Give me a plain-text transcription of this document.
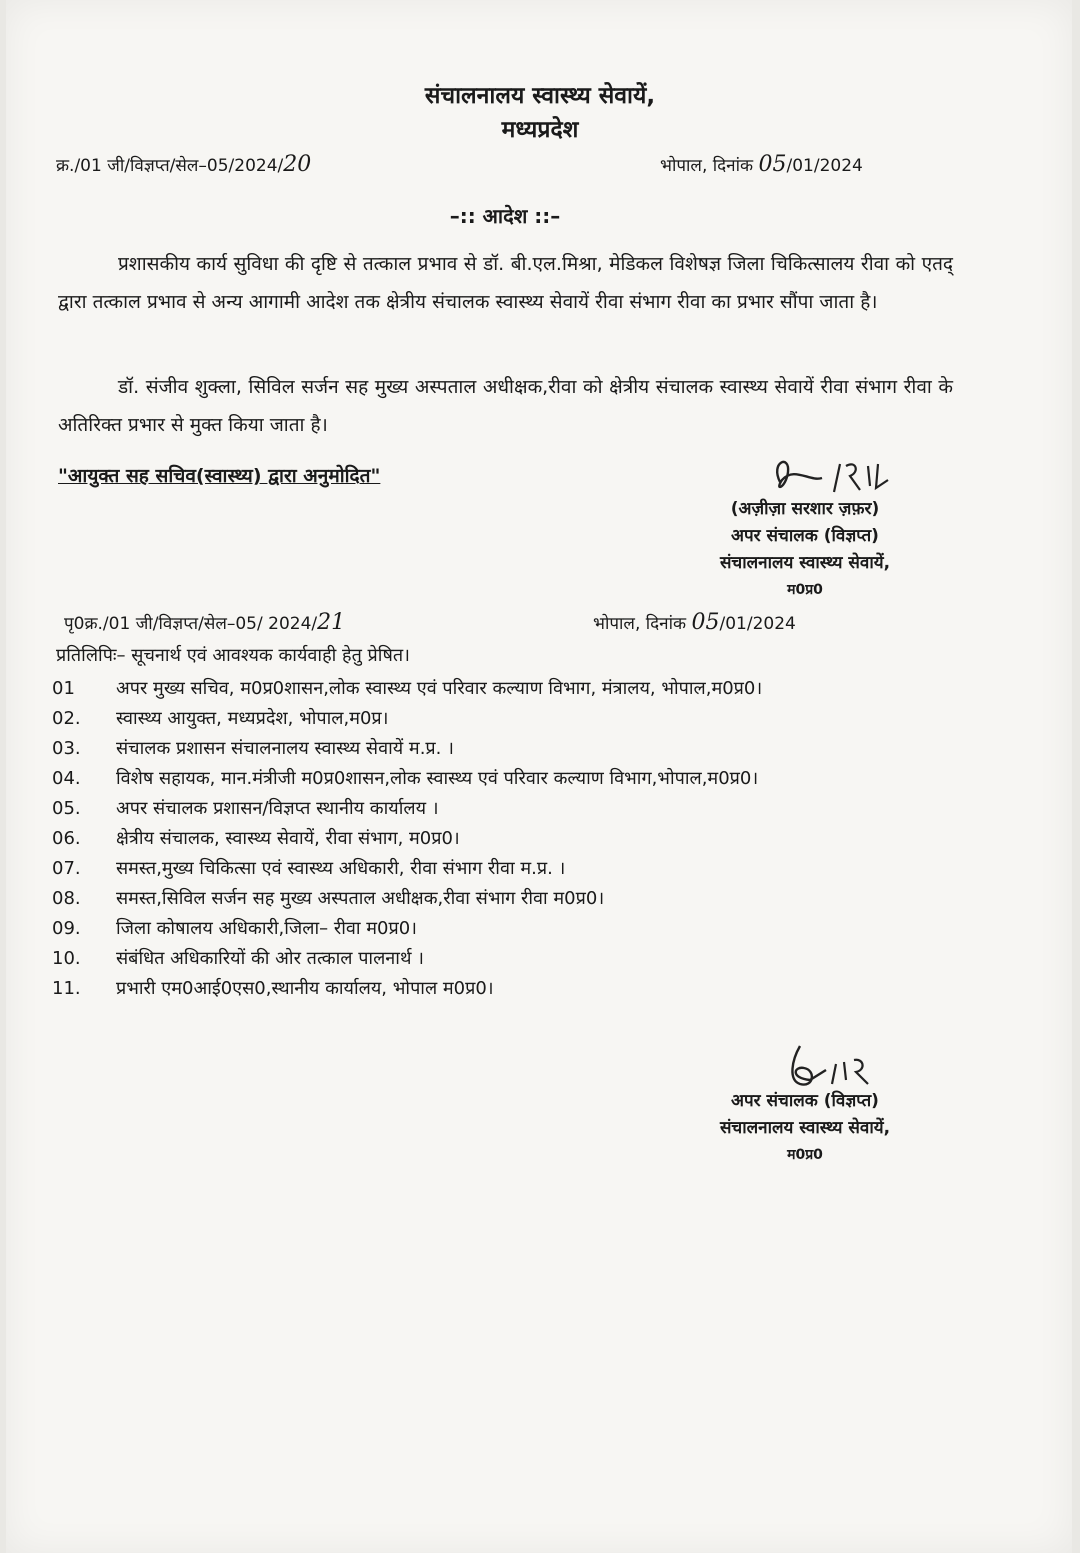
संचालनालय स्वास्थ्य सेवायें,
मध्यप्रदेश
क्र./01 जी/विज्ञप्त/सेल–05/2024/20	भोपाल, दिनांक 05/01/2024
–:: आदेश ::–
प्रशासकीय कार्य सुविधा की दृष्टि से तत्काल प्रभाव से डॉ. बी.एल.मिश्रा, मेडिकल विशेषज्ञ जिला चिकित्सालय रीवा को एतद् द्वारा तत्काल प्रभाव से अन्य आगामी आदेश तक क्षेत्रीय संचालक स्वास्थ्य सेवायें रीवा संभाग रीवा का प्रभार सौंपा जाता है।
डॉ. संजीव शुक्ला, सिविल सर्जन सह मुख्य अस्पताल अधीक्षक,रीवा को क्षेत्रीय संचालक स्वास्थ्य सेवायें रीवा संभाग रीवा के अतिरिक्त प्रभार से मुक्त किया जाता है।
"आयुक्त सह सचिव(स्वास्थ्य) द्वारा अनुमोदित"
(अज़ीज़ा सरशार ज़फ़र)
अपर संचालक (विज्ञप्त)
संचालनालय स्वास्थ्य सेवायें,
म0प्र0
पृ0क्र./01 जी/विज्ञप्त/सेल–05/ 2024/21	भोपाल, दिनांक 05/01/2024
प्रतिलिपिः– सूचनार्थ एवं आवश्यक कार्यवाही हेतु प्रेषित।
01	अपर मुख्य सचिव, म0प्र0शासन,लोक स्वास्थ्य एवं परिवार कल्याण विभाग, मंत्रालय, भोपाल,म0प्र0।
02.	स्वास्थ्य आयुक्त, मध्यप्रदेश, भोपाल,म0प्र।
03.	संचालक प्रशासन संचालनालय स्वास्थ्य सेवायें म.प्र. ।
04.	विशेष सहायक, मान.मंत्रीजी म0प्र0शासन,लोक स्वास्थ्य एवं परिवार कल्याण विभाग,भोपाल,म0प्र0।
05.	अपर संचालक प्रशासन/विज्ञप्त स्थानीय कार्यालय ।
06.	क्षेत्रीय संचालक, स्वास्थ्य सेवायें, रीवा संभाग, म0प्र0।
07.	समस्त,मुख्य चिकित्सा एवं स्वास्थ्य अधिकारी, रीवा संभाग रीवा म.प्र. ।
08.	समस्त,सिविल सर्जन सह मुख्य अस्पताल अधीक्षक,रीवा संभाग रीवा म0प्र0।
09.	जिला कोषालय अधिकारी,जिला– रीवा म0प्र0।
10.	संबंधित अधिकारियों की ओर तत्काल पालनार्थ ।
11.	प्रभारी एम0आई0एस0,स्थानीय कार्यालय, भोपाल म0प्र0।
अपर संचालक (विज्ञप्त)
संचालनालय स्वास्थ्य सेवायें,
म0प्र0
